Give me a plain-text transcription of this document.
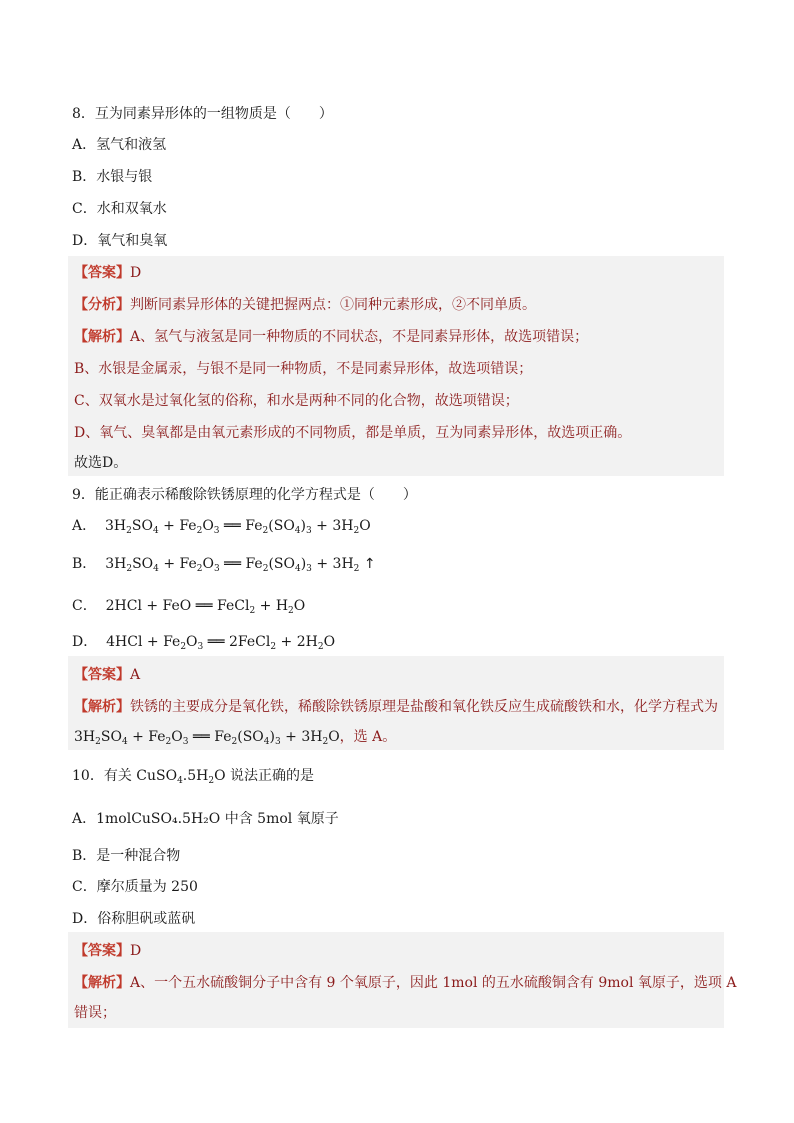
8．互为同素异形体的一组物质是（　　）
A．氢气和液氢
B．水银与银
C．水和双氧水
D．氧气和臭氧
【答案】D
【分析】判断同素异形体的关键把握两点：①同种元素形成，②不同单质。
【解析】A、氢气与液氢是同一种物质的不同状态，不是同素异形体，故选项错误；
B、水银是金属汞，与银不是同一种物质，不是同素异形体，故选项错误；
C、双氧水是过氧化氢的俗称，和水是两种不同的化合物，故选项错误；
D、氧气、臭氧都是由氧元素形成的不同物质，都是单质，互为同素异形体，故选项正确。
故选D。
9．能正确表示稀酸除铁锈原理的化学方程式是（　　）
A．  $3H_2SO_4 + Fe_2O_3$ ══ $Fe_2(SO_4)_3 + 3H_2O$
B．  $3H_2SO_4 + Fe_2O_3$ ══ $Fe_2(SO_4)_3 + 3H_2$ ↑
C．  2HCl + FeO ══ FeCl$_2$ + $H_2O$
D．  $4HCl + Fe_2O_3$ ══ 2FeCl$_2$ + $2H_2O$
【答案】A
【解析】铁锈的主要成分是氧化铁，稀酸除铁锈原理是盐酸和氧化铁反应生成硫酸铁和水，化学方程式为
$3H_2SO_4 + Fe_2O_3$ ══ $Fe_2(SO_4)_3 + 3H_2O$，选 A。
10．有关 $CuSO_4.5H_2O$ 说法正确的是
A．1molCuSO₄.5H₂O 中含 5mol 氧原子
B．是一种混合物
C．摩尔质量为 250
D．俗称胆矾或蓝矾
【答案】D
【解析】A、一个五水硫酸铜分子中含有 9 个氧原子，因此 1mol 的五水硫酸铜含有 9mol 氧原子，选项 A
错误；
